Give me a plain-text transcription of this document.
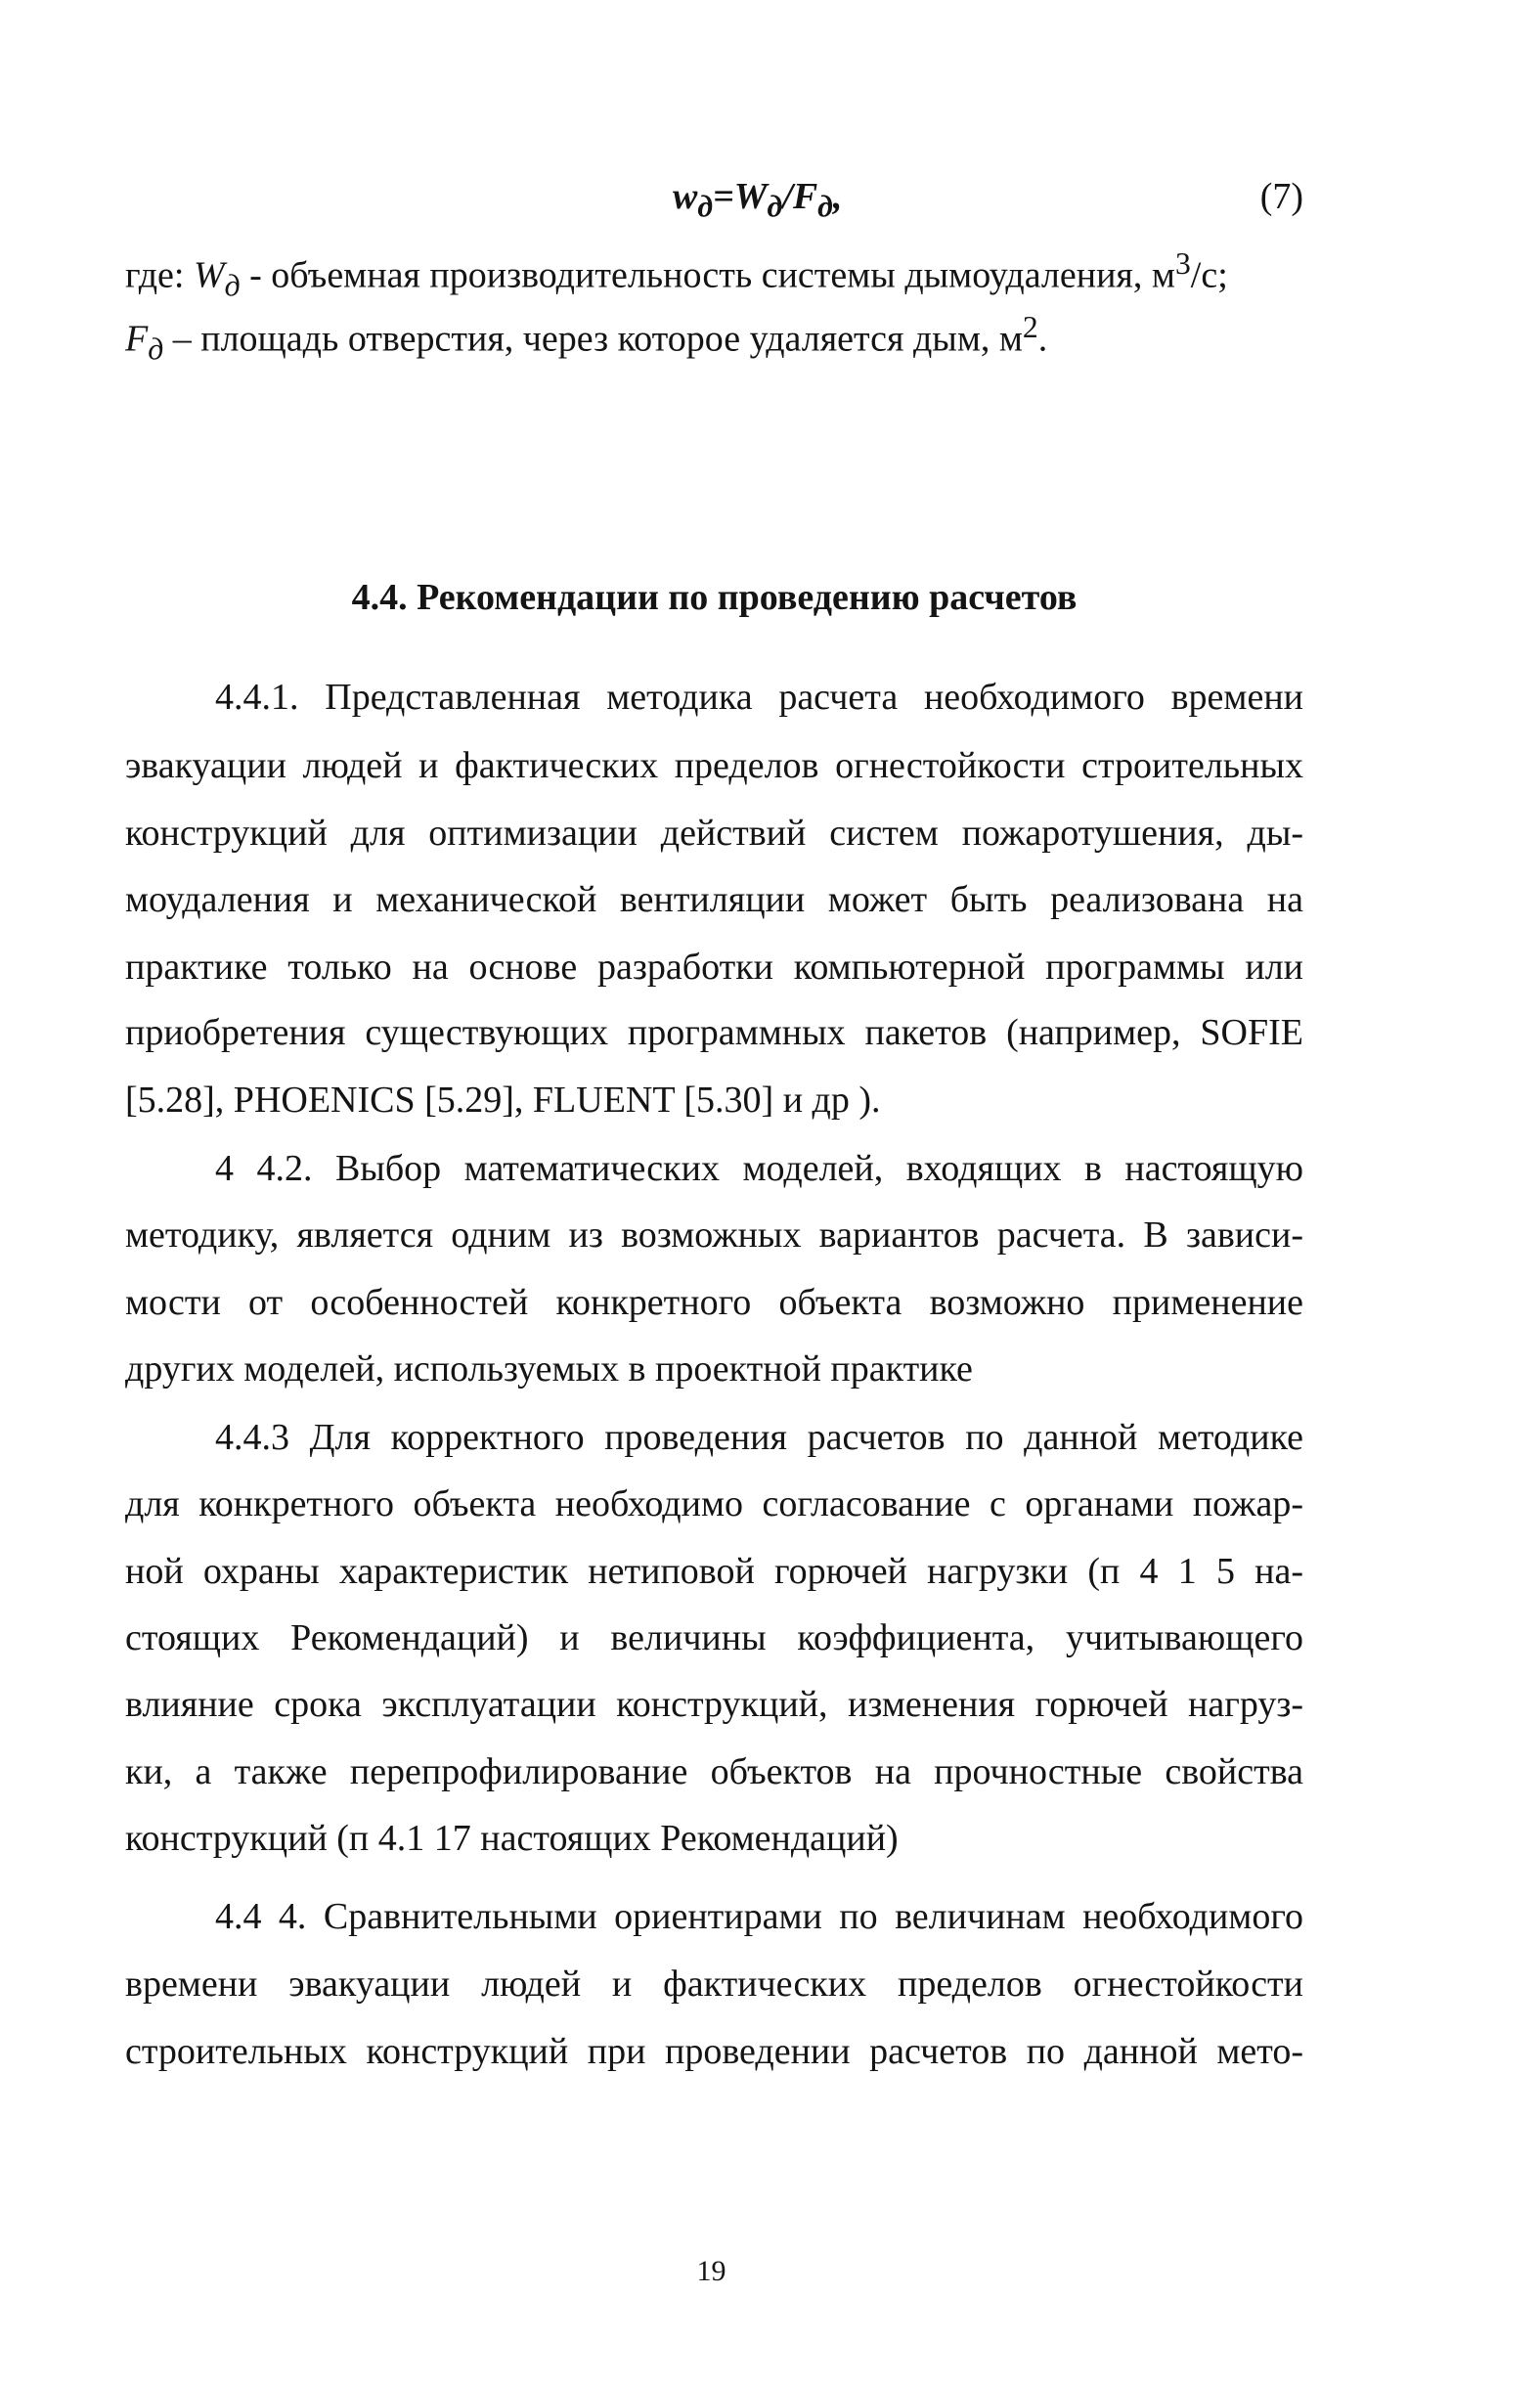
$w_д=W_д/F_д$,	(7)
где: $W_д$ - объемная производительность системы дымоудаления, $м^3/с$;
$F_д$ – площадь отверстия, через которое удаляется дым, $м^2$.
4.4. Рекомендации по проведению расчетов

4.4.1. Представленная методика расчета необходимого времени

эвакуации людей и фактических пределов огнестойкости строительных

конструкций для оптимизации действий систем пожаротушения, ды-

моудаления и механической вентиляции может быть реализована на

практике только на основе разработки компьютерной программы или

приобретения существующих программных пакетов (например, SOFIE

[5.28], PHOENICS [5.29], FLUENT [5.30] и др ).

4 4.2. Выбор математических моделей, входящих в настоящую

методику, является одним из возможных вариантов расчета. В зависи-

мости от особенностей конкретного объекта возможно применение

других моделей, используемых в проектной практике

4.4.3 Для корректного проведения расчетов по данной методике

для конкретного объекта необходимо согласование с органами пожар-

ной охраны характеристик нетиповой горючей нагрузки (п 4 1 5 на-

стоящих Рекомендаций) и величины коэффициента, учитывающего

влияние срока эксплуатации конструкций, изменения горючей нагруз-

ки, а также перепрофилирование объектов на прочностные свойства

конструкций (п 4.1 17 настоящих Рекомендаций)

4.4 4. Сравнительными ориентирами по величинам необходимого

времени эвакуации людей и фактических пределов огнестойкости

строительных конструкций при проведении расчетов по данной мето-

19
